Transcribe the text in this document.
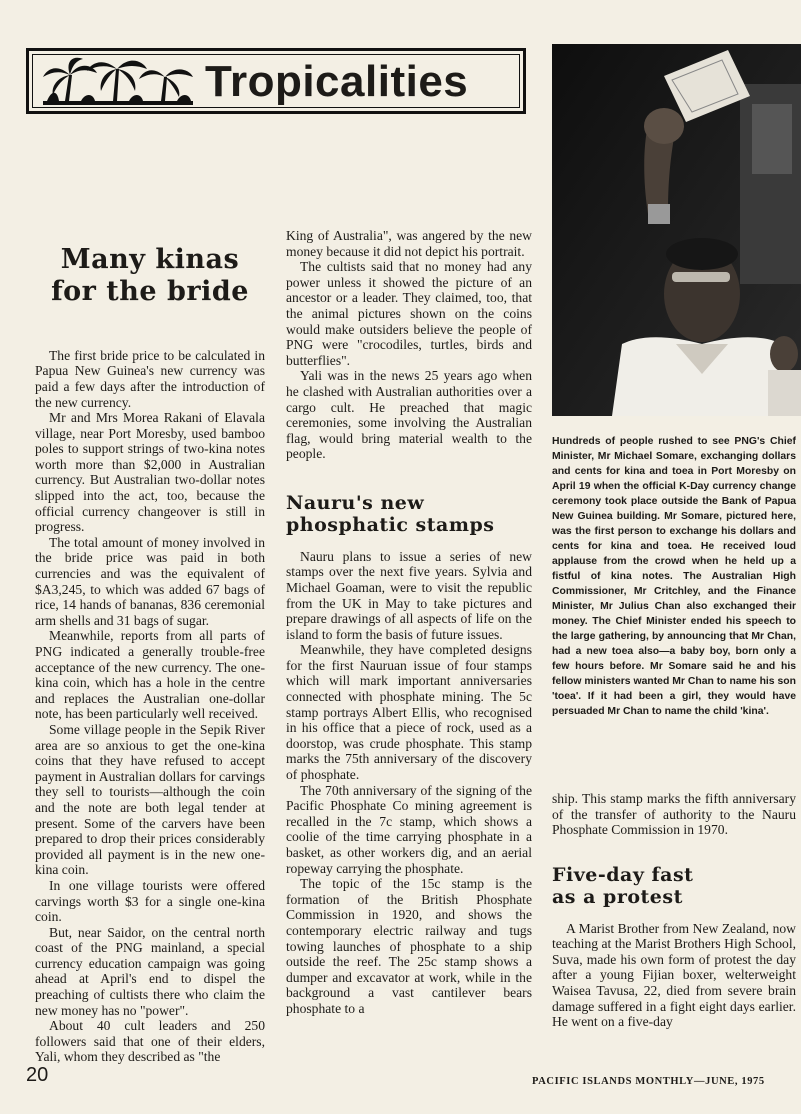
Tropicalities
Many kinas
for the bride

The first bride price to be calculated in Papua New Guinea's new currency was paid a few days after the introduction of the new currency.

Mr and Mrs Morea Rakani of Elavala village, near Port Moresby, used bamboo poles to support strings of two-kina notes worth more than $2,000 in Australian currency. But Australian two-dollar notes slipped into the act, too, because the official currency changeover is still in progress.

The total amount of money involved in the bride price was paid in both currencies and was the equivalent of $A3,245, to which was added 67 bags of rice, 14 hands of bananas, 836 ceremonial arm shells and 31 bags of sugar.

Meanwhile, reports from all parts of PNG indicated a generally trouble-free acceptance of the new currency. The one-kina coin, which has a hole in the centre and replaces the Australian one-dollar note, has been particularly well received.

Some village people in the Sepik River area are so anxious to get the one-kina coins that they have refused to accept payment in Australian dollars for carvings they sell to tourists—although the coin and the note are both legal tender at present. Some of the carvers have been prepared to drop their prices considerably provided all payment is in the new one-kina coin.

In one village tourists were offered carvings worth $3 for a single one-kina coin.

But, near Saidor, on the central north coast of the PNG mainland, a special currency education campaign was going ahead at April's end to dispel the preaching of cultists there who claim the new money has no "power".

About 40 cult leaders and 250 followers said that one of their elders, Yali, whom they described as "the

King of Australia", was angered by the new money because it did not depict his portrait.

The cultists said that no money had any power unless it showed the picture of an ancestor or a leader. They claimed, too, that the animal pictures shown on the coins would make outsiders believe the people of PNG were "crocodiles, turtles, birds and butterflies".

Yali was in the news 25 years ago when he clashed with Australian authorities over a cargo cult. He preached that magic ceremonies, some involving the Australian flag, would bring material wealth to the people.

Nauru's new
phosphatic stamps

Nauru plans to issue a series of new stamps over the next five years. Sylvia and Michael Goaman, were to visit the republic from the UK in May to take pictures and prepare drawings of all aspects of life on the island to form the basis of future issues.

Meanwhile, they have completed designs for the first Nauruan issue of four stamps which will mark important anniversaries connected with phosphate mining. The 5c stamp portrays Albert Ellis, who recognised in his office that a piece of rock, used as a doorstop, was crude phosphate. This stamp marks the 75th anniversary of the discovery of phosphate.

The 70th anniversary of the signing of the Pacific Phosphate Co mining agreement is recalled in the 7c stamp, which shows a coolie of the time carrying phosphate in a basket, as other workers dig, and an aerial ropeway carrying the phosphate.

The topic of the 15c stamp is the formation of the British Phosphate Commission in 1920, and shows the contemporary electric railway and tugs towing launches of phosphate to a ship outside the reef. The 25c stamp shows a dumper and excavator at work, while in the background a vast cantilever bears phosphate to a

Hundreds of people rushed to see PNG's Chief Minister, Mr Michael Somare, exchanging dollars and cents for kina and toea in Port Moresby on April 19 when the official K-Day currency change ceremony took place outside the Bank of Papua New Guinea building. Mr Somare, pictured here, was the first person to exchange his dollars and cents for kina and toea. He received loud applause from the crowd when he held up a fistful of kina notes. The Australian High Commissioner, Mr Critchley, and the Finance Minister, Mr Julius Chan also exchanged their money. The Chief Minister ended his speech to the large gathering, by announcing that Mr Chan, had a new toea also—a baby boy, born only a few hours before. Mr Somare said he and his fellow ministers wanted Mr Chan to name his son 'toea'. If it had been a girl, they would have persuaded Mr Chan to name the child 'kina'.

ship. This stamp marks the fifth anniversary of the transfer of authority to the Nauru Phosphate Commission in 1970.

Five-day fast
as a protest

A Marist Brother from New Zealand, now teaching at the Marist Brothers High School, Suva, made his own form of protest the day after a young Fijian boxer, welterweight Waisea Tavusa, 22, died from severe brain damage suffered in a fight eight days earlier. He went on a five-day

20	PACIFIC ISLANDS MONTHLY—JUNE, 1975
